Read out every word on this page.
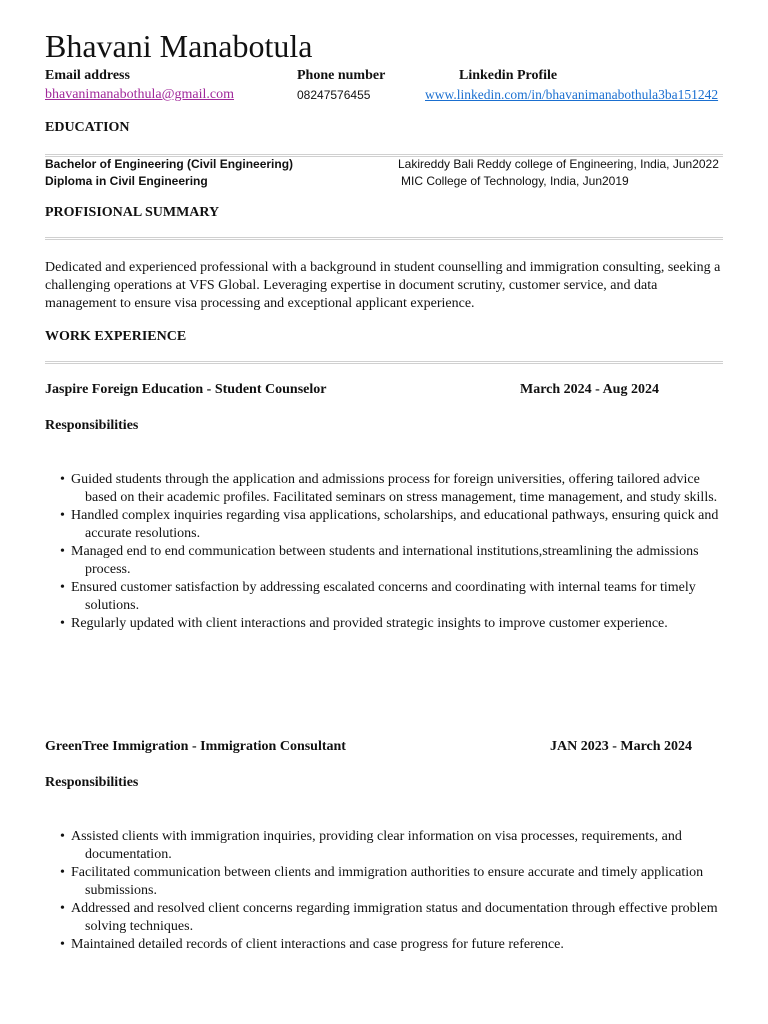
Bhavani Manabotula
Email address	Phone number	Linkedin Profile
bhavanimanabothula@gmail.com	08247576455	www.linkedin.com/in/bhavanimanabothula3ba151242
EDUCATION
Bachelor of Engineering (Civil Engineering)	Lakireddy Bali Reddy college of Engineering, India, Jun2022
Diploma in Civil Engineering	MIC College of Technology, India, Jun2019
PROFISIONAL SUMMARY
Dedicated and experienced professional with a background in student counselling and immigration consulting, seeking a challenging operations at VFS Global. Leveraging expertise in document scrutiny, customer service, and data management to ensure visa processing and exceptional applicant experience.
WORK EXPERIENCE
Jaspire Foreign Education - Student Counselor	March 2024 - Aug 2024
Responsibilities
• Guided students through the application and admissions process for foreign universities, offering tailored advice based on their academic profiles. Facilitated seminars on stress management, time management, and study skills.
• Handled complex inquiries regarding visa applications, scholarships, and educational pathways, ensuring quick and accurate resolutions.
• Managed end to end communication between students and international institutions,streamlining the admissions process.
• Ensured customer satisfaction by addressing escalated concerns and coordinating with internal teams for timely solutions.
• Regularly updated with client interactions and provided strategic insights to improve customer experience.
GreenTree Immigration - Immigration Consultant	JAN 2023 - March 2024
Responsibilities
• Assisted clients with immigration inquiries, providing clear information on visa processes, requirements, and documentation.
• Facilitated communication between clients and immigration authorities to ensure accurate and timely application submissions.
• Addressed and resolved client concerns regarding immigration status and documentation through effective problem solving techniques.
• Maintained detailed records of client interactions and case progress for future reference.
